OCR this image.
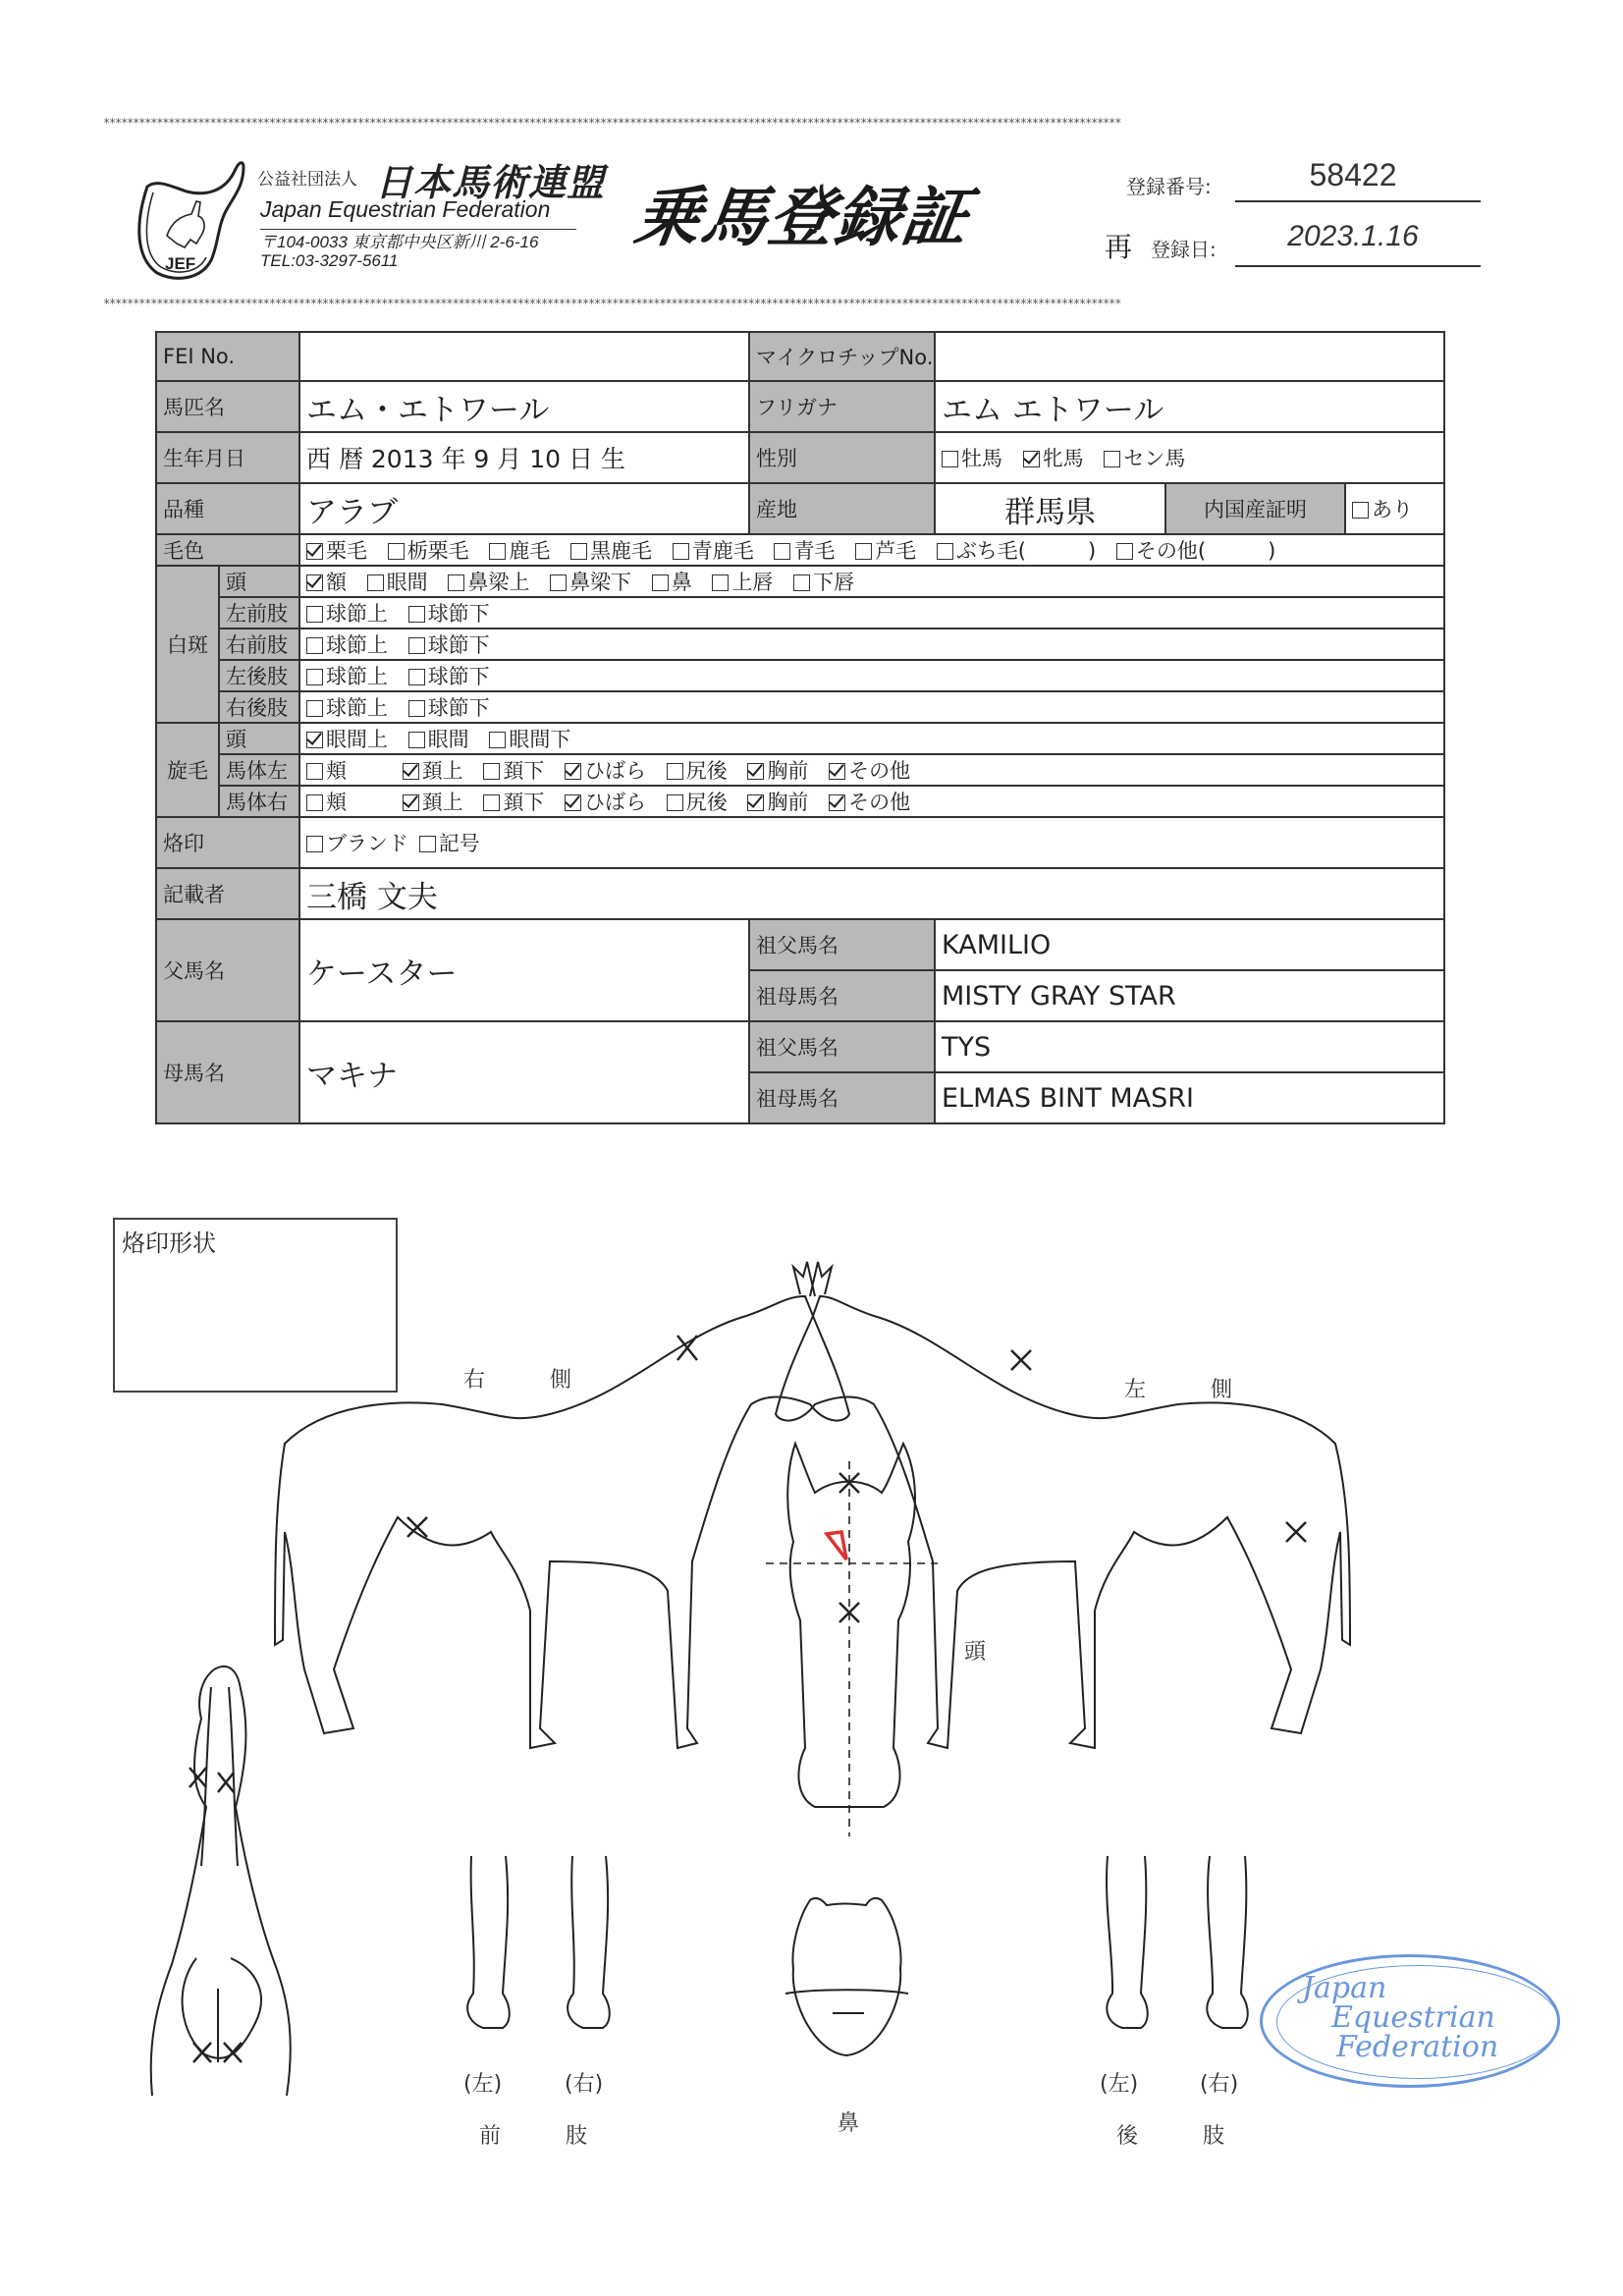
****************************************************************************************************************************************************************************
****************************************************************************************************************************************************************************
JEF
公益社団法人 日本馬術連盟
Japan Equestrian Federation
〒104-0033 東京都中央区新川 2-6-16
TEL:03-3297-5611
乗馬登録証	登録番号:	58422
再 登録日:	2023.1.16
FEI No.			マイクロチップNo.			
馬匹名		エム・エトワール	フリガナ	エム エトワール		
生年月日		西 暦 2013 年 9 月 10 日 生	性別	牡馬 牝馬 セン馬		
品種		アラブ	産地	群馬県	内国産証明	あり
毛色		栗毛 栃栗毛 鹿毛 黒鹿毛 青鹿毛 青毛 芦毛 ぶち毛(　　　) その他(　　　)				
白斑	頭	額 眼間 鼻梁上 鼻梁下 鼻 上唇 下唇				
	左前肢	球節上 球節下				
	右前肢	球節上 球節下				
	左後肢	球節上 球節下				
	右後肢	球節上 球節下				
旋毛	頭	眼間上 眼間 眼間下				
	馬体左	頬 頚上 頚下 ひばら 尻後 胸前 その他				
	馬体右	頬 頚上 頚下 ひばら 尻後 胸前 その他				
烙印		ブランド 記号				
記載者		三橋 文夫				
父馬名		ケースター	祖父馬名	KAMILIO		
			祖母馬名	MISTY GRAY STAR		
母馬名		マキナ	祖父馬名	TYS		
			祖母馬名	ELMAS BINT MASRI		
烙印形状
右　　　側	左　　　側
頭
鼻
(左)	(右)
前　　　肢
(左)	(右)
後　　　肢
Japan
Equestrian
Federation
